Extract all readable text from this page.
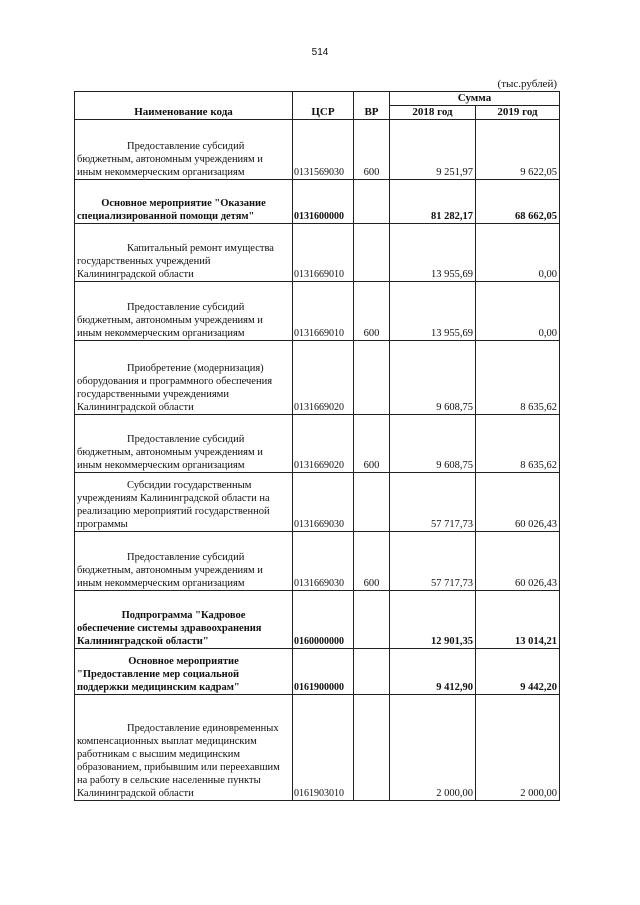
514
(тыс.рублей)
Наименование кода	ЦСР	ВР	Сумма	
			2018 год	2019 год
Предоставление субсидий бюджетным, автономным учреждениям и иным некоммерческим организациям	0131569030	600	9 251,97	9 622,05

Основное мероприятие "Оказание
специализированной помощи детям"	0131600000		81 282,17	68 662,05
Капитальный ремонт имущества государственных учреждений Калининградской области	0131669010		13 955,69	0,00
Предоставление субсидий бюджетным, автономным учреждениям и иным некоммерческим организациям	0131669010	600	13 955,69	0,00
Приобретение (модернизация) оборудования и программного обеспечения государственными учреждениями Калининградской области	0131669020		9 608,75	8 635,62
Предоставление субсидий бюджетным, автономным учреждениям и иным некоммерческим организациям	0131669020	600	9 608,75	8 635,62
Субсидии государственным учреждениям Калининградской области на реализацию мероприятий государственной программы	0131669030		57 717,73	60 026,43
Предоставление субсидий бюджетным, автономным учреждениям и иным некоммерческим организациям	0131669030	600	57 717,73	60 026,43

Подпрограмма "Кадровое
обеспечение системы здравоохранения Калининградской области"	0160000000		12 901,35	13 014,21

Основное мероприятие
"Предоставление мер социальной поддержки медицинским кадрам"	0161900000		9 412,90	9 442,20
Предоставление единовременных компенсационных выплат медицинским работникам с высшим медицинским образованием, прибывшим или переехавшим на работу в сельские населенные пункты Калининградской области	0161903010		2 000,00	2 000,00
